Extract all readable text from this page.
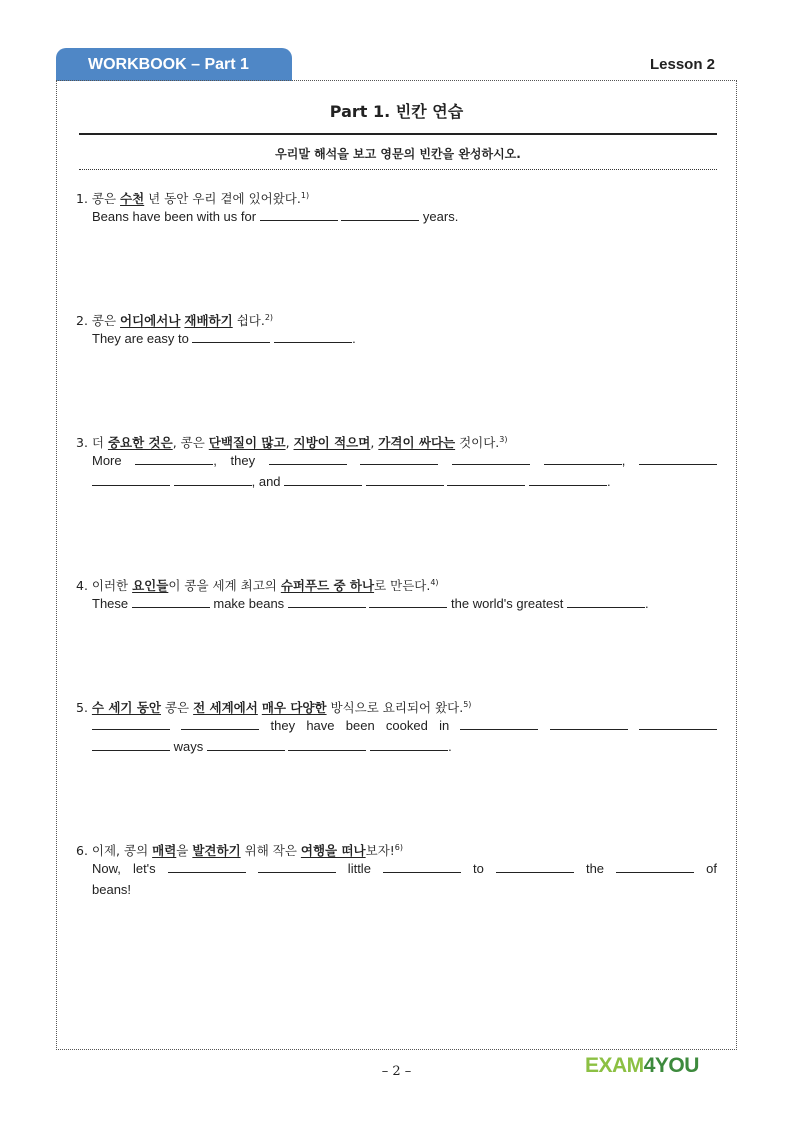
WORKBOOK – Part 1	Lesson 2
Part 1. 빈칸 연습
우리말 해석을 보고 영문의 빈칸을 완성하시오.
1. 콩은 수천 년 동안 우리 곁에 있어왔다.$^{1)}$
Beans have been with us for	years.
2. 콩은 어디에서나 재배하기 쉽다.$^{2)}$
They are easy to	.
3. 더 중요한 것은, 콩은 단백질이 많고, 지방이 적으며, 가격이 싸다는 것이다.$^{3)}$
More	, they	,
, and	.
4. 이러한 요인들이 콩을 세계 최고의 슈퍼푸드 중 하나로 만든다.$^{4)}$
These	make beans	the world's greatest	.
5. 수 세기 동안 콩은 전 세계에서 매우 다양한 방식으로 요리되어 왔다.$^{5)}$
they have been cooked in
ways	.
6. 이제, 콩의 매력을 발견하기 위해 작은 여행을 떠나보자!$^{6)}$
Now, let's	little	to	the	of
beans!
– 2 –	EXAM4YOU
